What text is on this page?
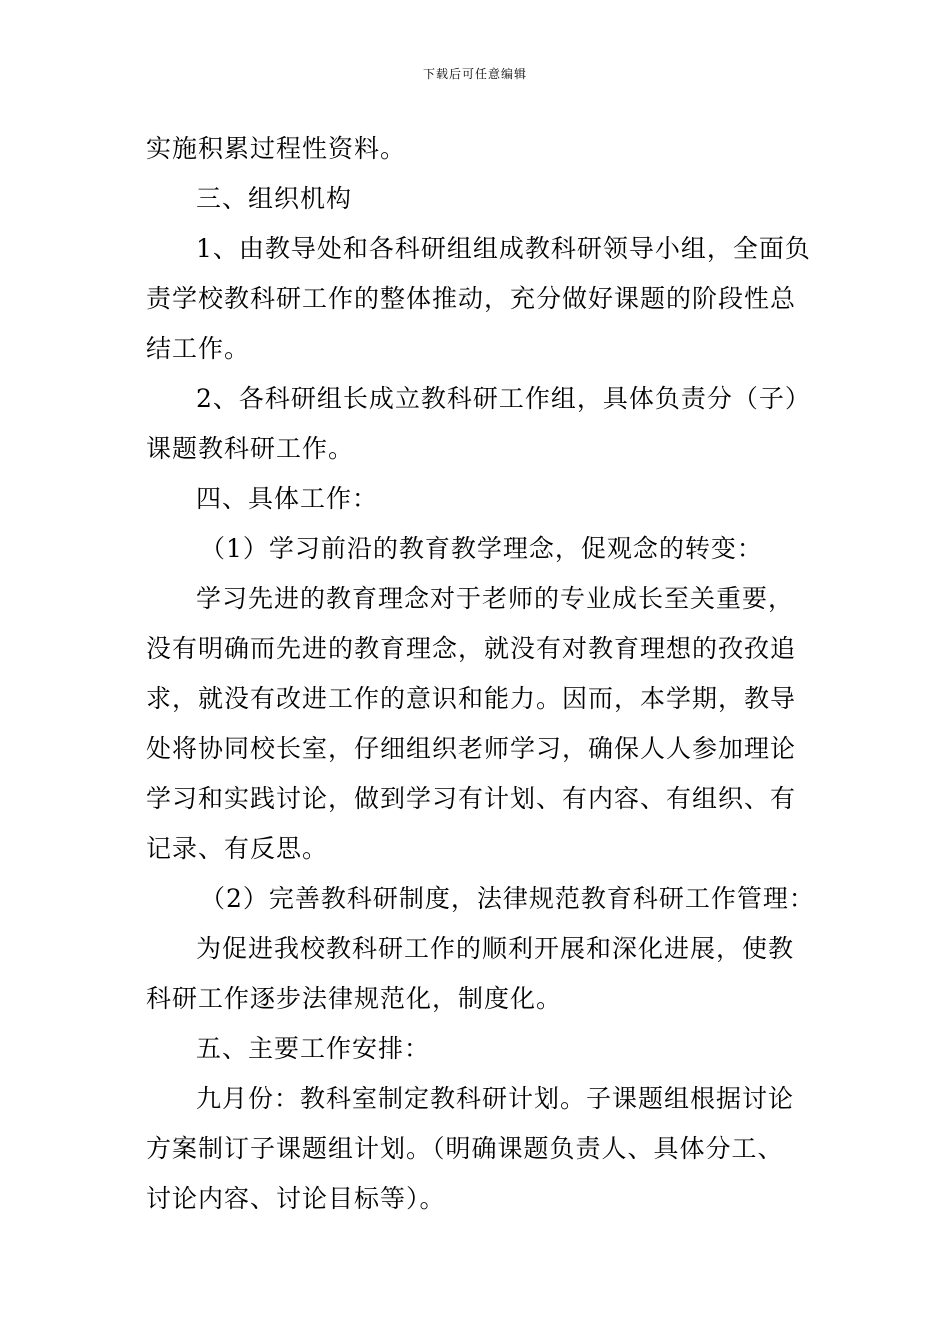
下载后可任意编辑
实施积累过程性资料。
三、组织机构
1、由教导处和各科研组组成教科研领导小组，全面负
责学校教科研工作的整体推动，充分做好课题的阶段性总
结工作。
2、各科研组长成立教科研工作组，具体负责分（子）
课题教科研工作。
四、具体工作：
（1）学习前沿的教育教学理念，促观念的转变：
学习先进的教育理念对于老师的专业成长至关重要，
没有明确而先进的教育理念，就没有对教育理想的孜孜追
求，就没有改进工作的意识和能力。因而，本学期，教导
处将协同校长室，仔细组织老师学习，确保人人参加理论
学习和实践讨论，做到学习有计划、有内容、有组织、有
记录、有反思。
（2）完善教科研制度，法律规范教育科研工作管理：
为促进我校教科研工作的顺利开展和深化进展，使教
科研工作逐步法律规范化，制度化。
五、主要工作安排：
九月份：教科室制定教科研计划。子课题组根据讨论
方案制订子课题组计划。（明确课题负责人、具体分工、
讨论内容、讨论目标等）。
